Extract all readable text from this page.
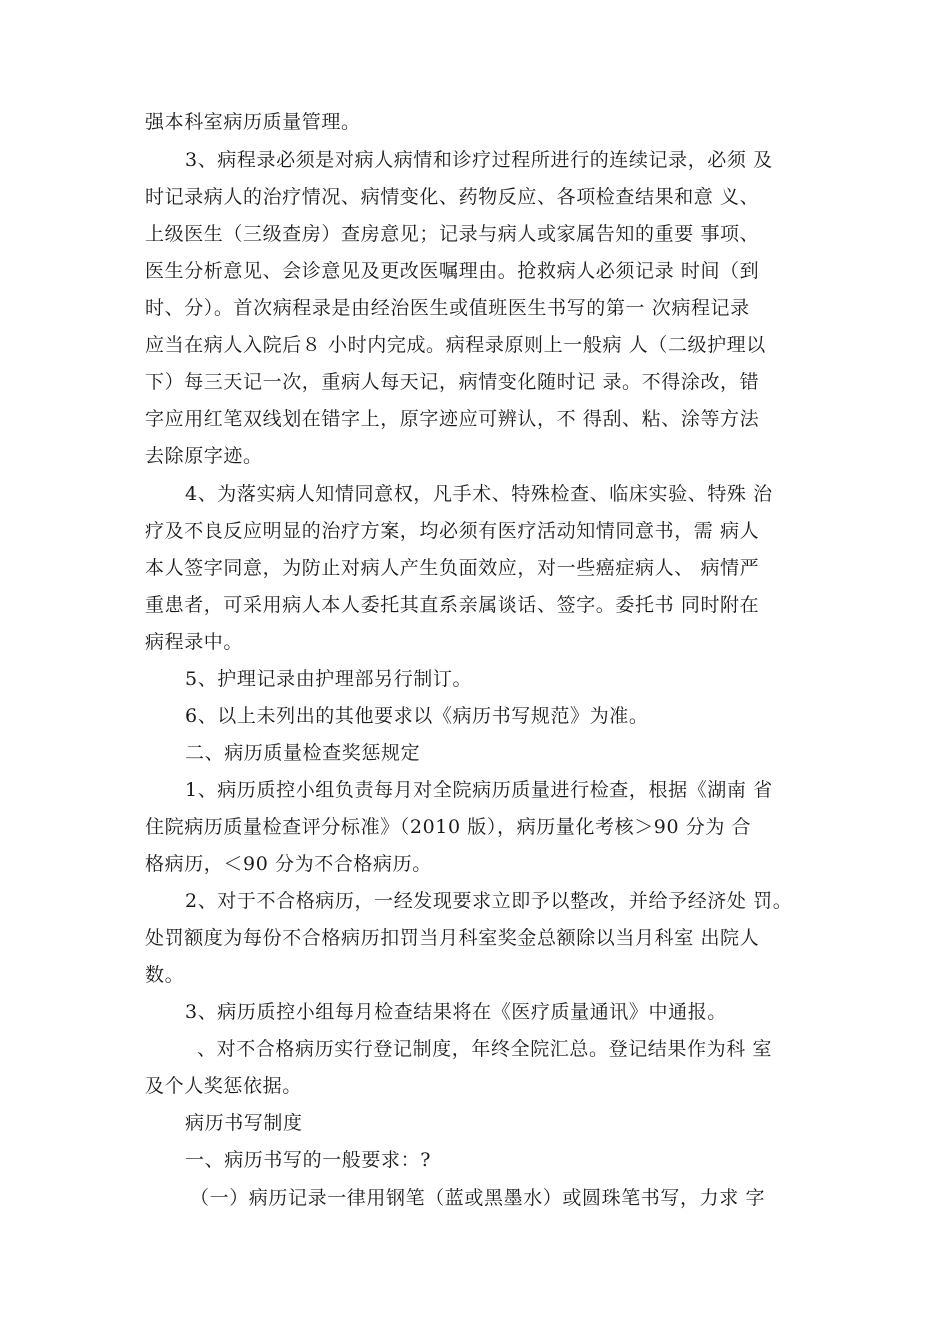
强本科室病历质量管理。
3、病程录必须是对病人病情和诊疗过程所进行的连续记录，必须 及
时记录病人的治疗情况、病情变化、药物反应、各项检查结果和意 义、
上级医生（三级查房）查房意见；记录与病人或家属告知的重要 事项、
医生分析意见、会诊意见及更改医嘱理由。抢救病人必须记录 时间（到
时、分）。首次病程录是由经治医生或值班医生书写的第一 次病程记录
应当在病人入院后８ 小时内完成。病程录原则上一般病 人（二级护理以
下）每三天记一次，重病人每天记，病情变化随时记 录。不得涂改，错
字应用红笔双线划在错字上，原字迹应可辨认，不 得刮、粘、涂等方法
去除原字迹。
4、为落实病人知情同意权，凡手术、特殊检查、临床实验、特殊 治
疗及不良反应明显的治疗方案，均必须有医疗活动知情同意书，需 病人
本人签字同意，为防止对病人产生负面效应，对一些癌症病人、 病情严
重患者，可采用病人本人委托其直系亲属谈话、签字。委托书 同时附在
病程录中。
5、护理记录由护理部另行制订。
6、以上未列出的其他要求以《病历书写规范》为准。
二、病历质量检查奖惩规定
1、病历质控小组负责每月对全院病历质量进行检查，根据《湖南 省
住院病历质量检查评分标准》（2010 版），病历量化考核＞90 分为 合
格病历，＜90 分为不合格病历。
2、对于不合格病历，一经发现要求立即予以整改，并给予经济处 罚。
处罚额度为每份不合格病历扣罚当月科室奖金总额除以当月科室 出院人
数。
3、病历质控小组每月检查结果将在《医疗质量通讯》中通报。
、对不合格病历实行登记制度，年终全院汇总。登记结果作为科 室
及个人奖惩依据。
病历书写制度
一、病历书写的一般要求：?
（一）病历记录一律用钢笔（蓝或黑墨水）或圆珠笔书写，力求 字
